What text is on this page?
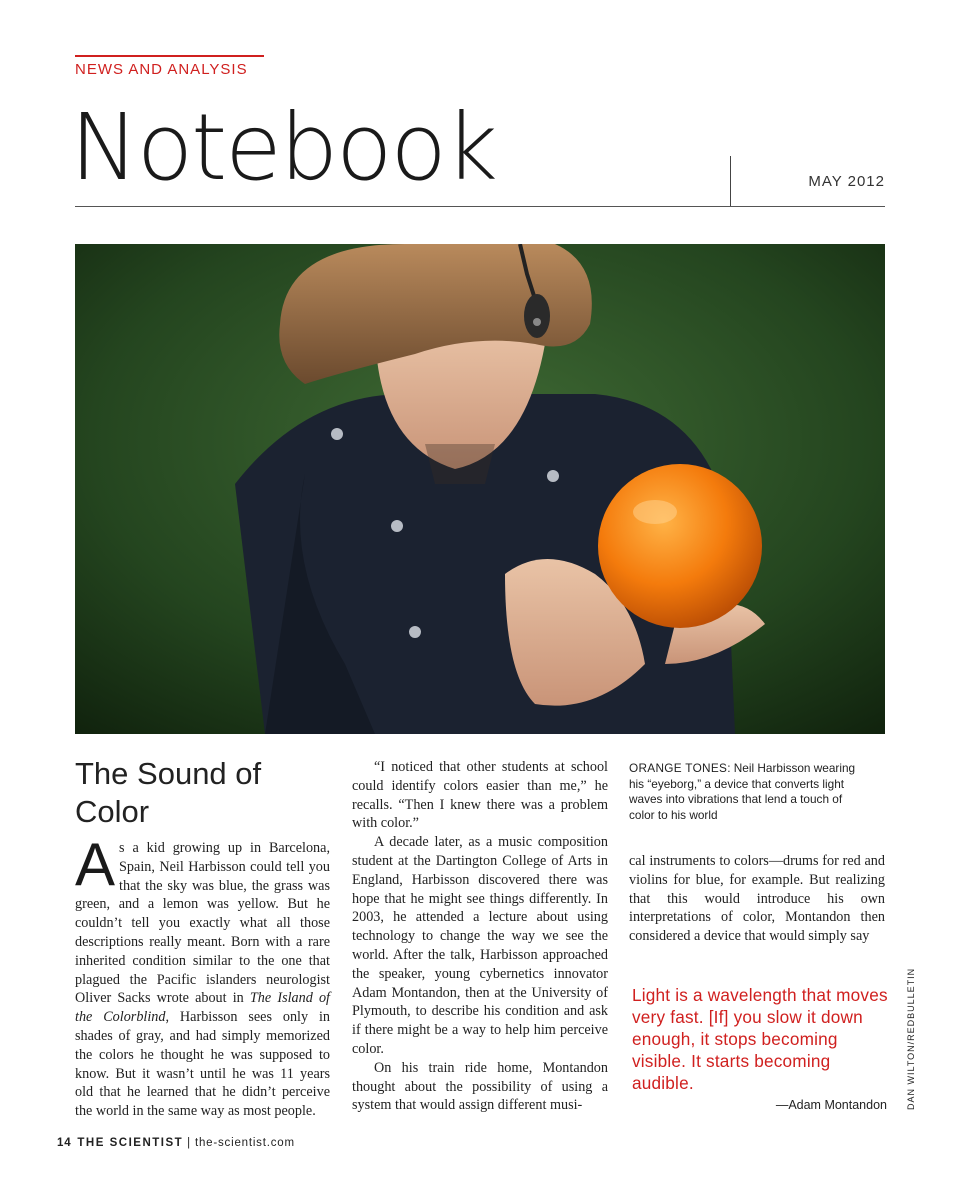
NEWS AND ANALYSIS
Notebook	MAY 2012
The Sound of Color

As a kid growing up in Barcelona, Spain, Neil Harbisson could tell you that the sky was blue, the grass was green, and a lemon was yellow. But he couldn’t tell you exactly what all those descriptions really meant. Born with a rare inherited condition similar to the one that plagued the Pacific islanders neurologist Oliver Sacks wrote about in The Island of the Colorblind, Harbisson sees only in shades of gray, and had simply memorized the colors he thought he was supposed to know. But it wasn’t until he was 11 years old that he learned that he didn’t perceive the world in the same way as most people.

“I noticed that other students at school could identify colors easier than me,” he recalls. “Then I knew there was a problem with color.”

A decade later, as a music composition student at the Dartington College of Arts in England, Harbisson discovered there was hope that he might see things differently. In 2003, he attended a lecture about using technology to change the way we see the world. After the talk, Harbisson approached the speaker, young cybernetics innovator Adam Montandon, then at the University of Plymouth, to describe his condition and ask if there might be a way to help him perceive color.

On his train ride home, Montandon thought about the possibility of using a system that would assign different musi-

ORANGE TONES: Neil Harbisson wearing his “eyeborg,” a device that converts light waves into vibrations that lend a touch of color to his world

cal instruments to colors—drums for red and violins for blue, for example. But realizing that this would introduce his own interpretations of color, Montandon then considered a device that would simply say

Light is a wavelength that moves very fast. [If] you slow it down enough, it stops becoming visible. It starts becoming audible.
—Adam Montandon DAN WILTON/REDBULLETIN
14 THE SCIENTIST | the-scientist.com
